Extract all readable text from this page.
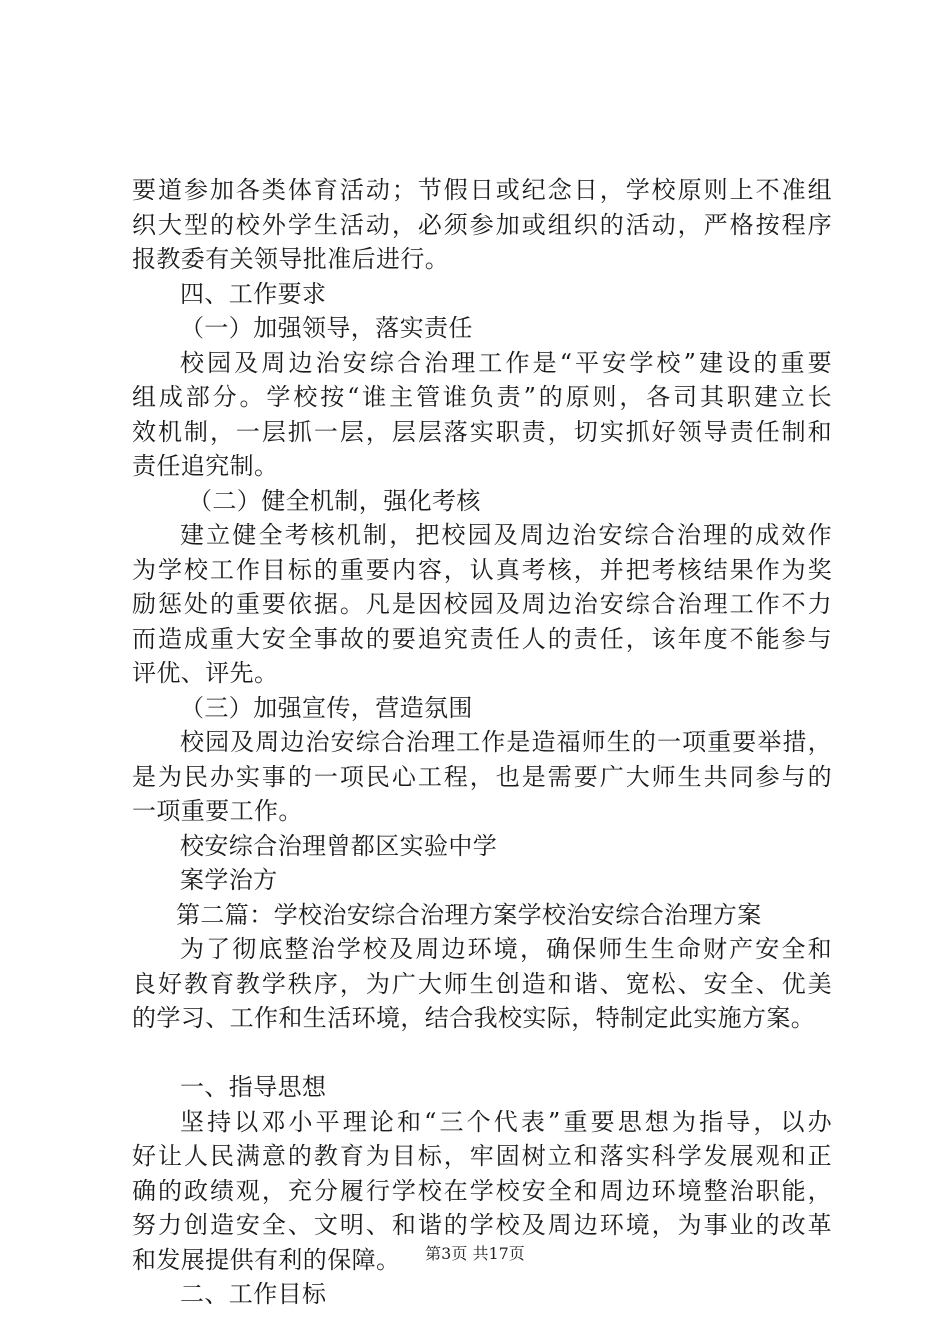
要道参加各类体育活动；节假日或纪念日，学校原则上不准组
织大型的校外学生活动，必须参加或组织的活动，严格按程序
报教委有关领导批准后进行。
四、工作要求
（一）加强领导，落实责任
校园及周边治安综合治理工作是“平安学校”建设的重要
组成部分。学校按“谁主管谁负责”的原则，各司其职建立长
效机制，一层抓一层，层层落实职责，切实抓好领导责任制和
责任追究制。
（二）健全机制，强化考核
建立健全考核机制，把校园及周边治安综合治理的成效作
为学校工作目标的重要内容，认真考核，并把考核结果作为奖
励惩处的重要依据。凡是因校园及周边治安综合治理工作不力
而造成重大安全事故的要追究责任人的责任，该年度不能参与
评优、评先。
（三）加强宣传，营造氛围
校园及周边治安综合治理工作是造福师生的一项重要举措，
是为民办实事的一项民心工程，也是需要广大师生共同参与的
一项重要工作。
校安综合治理曾都区实验中学
案学治方
第二篇：学校治安综合治理方案学校治安综合治理方案
为了彻底整治学校及周边环境，确保师生生命财产安全和
良好教育教学秩序，为广大师生创造和谐、宽松、安全、优美
的学习、工作和生活环境，结合我校实际，特制定此实施方案。
一、指导思想
坚持以邓小平理论和“三个代表”重要思想为指导，以办
好让人民满意的教育为目标，牢固树立和落实科学发展观和正
确的政绩观，充分履行学校在学校安全和周边环境整治职能，
努力创造安全、文明、和谐的学校及周边环境，为事业的改革
和发展提供有利的保障。
二、工作目标
第3页 共17页
